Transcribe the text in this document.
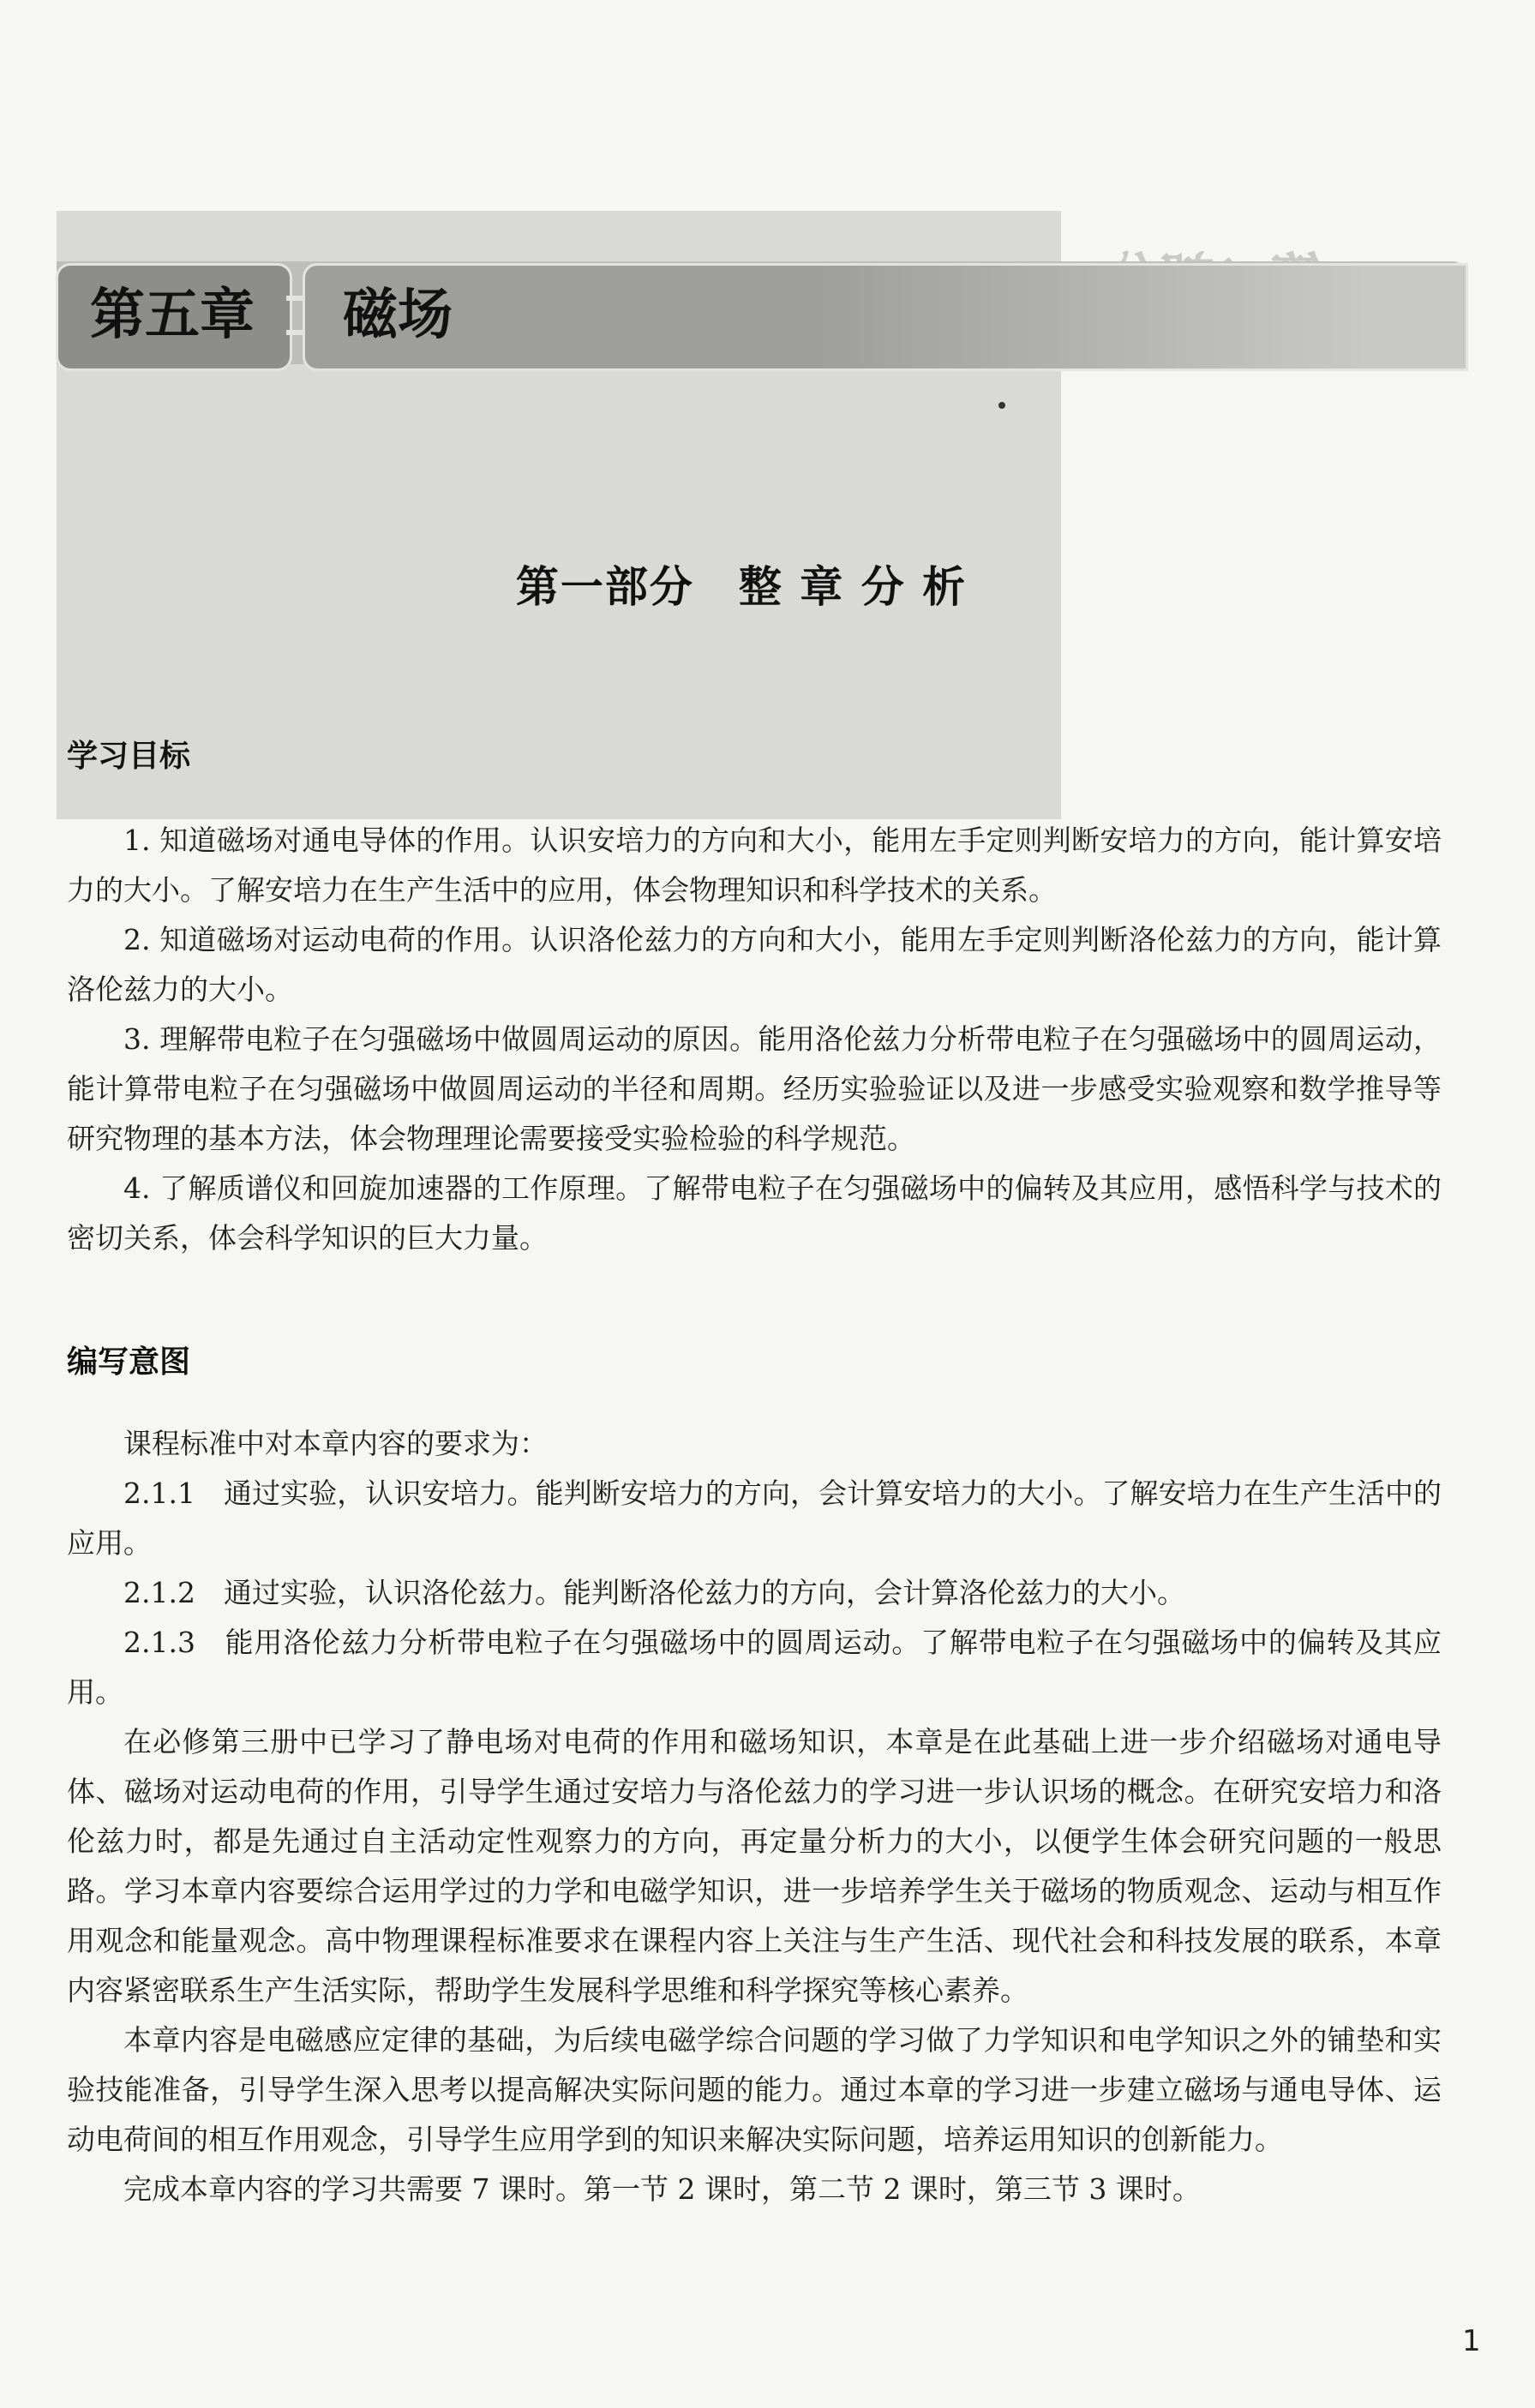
第五章 磁场
第一部分　整 章 分 析
学习目标

1. 知道磁场对通电导体的作用。认识安培力的方向和大小，能用左手定则判断安培力的方向，能计算安培力的大小。了解安培力在生产生活中的应用，体会物理知识和科学技术的关系。

2. 知道磁场对运动电荷的作用。认识洛伦兹力的方向和大小，能用左手定则判断洛伦兹力的方向，能计算洛伦兹力的大小。

3. 理解带电粒子在匀强磁场中做圆周运动的原因。能用洛伦兹力分析带电粒子在匀强磁场中的圆周运动，能计算带电粒子在匀强磁场中做圆周运动的半径和周期。经历实验验证以及进一步感受实验观察和数学推导等研究物理的基本方法，体会物理理论需要接受实验检验的科学规范。

4. 了解质谱仪和回旋加速器的工作原理。了解带电粒子在匀强磁场中的偏转及其应用，感悟科学与技术的密切关系，体会科学知识的巨大力量。

编写意图

课程标准中对本章内容的要求为：

2.1.1　通过实验，认识安培力。能判断安培力的方向，会计算安培力的大小。了解安培力在生产生活中的应用。

2.1.2　通过实验，认识洛伦兹力。能判断洛伦兹力的方向，会计算洛伦兹力的大小。

2.1.3　能用洛伦兹力分析带电粒子在匀强磁场中的圆周运动。了解带电粒子在匀强磁场中的偏转及其应用。

在必修第三册中已学习了静电场对电荷的作用和磁场知识，本章是在此基础上进一步介绍磁场对通电导体、磁场对运动电荷的作用，引导学生通过安培力与洛伦兹力的学习进一步认识场的概念。在研究安培力和洛伦兹力时，都是先通过自主活动定性观察力的方向，再定量分析力的大小，以便学生体会研究问题的一般思路。学习本章内容要综合运用学过的力学和电磁学知识，进一步培养学生关于磁场的物质观念、运动与相互作用观念和能量观念。高中物理课程标准要求在课程内容上关注与生产生活、现代社会和科技发展的联系，本章内容紧密联系生产生活实际，帮助学生发展科学思维和科学探究等核心素养。

本章内容是电磁感应定律的基础，为后续电磁学综合问题的学习做了力学知识和电学知识之外的铺垫和实验技能准备，引导学生深入思考以提高解决实际问题的能力。通过本章的学习进一步建立磁场与通电导体、运动电荷间的相互作用观念，引导学生应用学到的知识来解决实际问题，培养运用知识的创新能力。

完成本章内容的学习共需要 7 课时。第一节 2 课时，第二节 2 课时，第三节 3 课时。

1
